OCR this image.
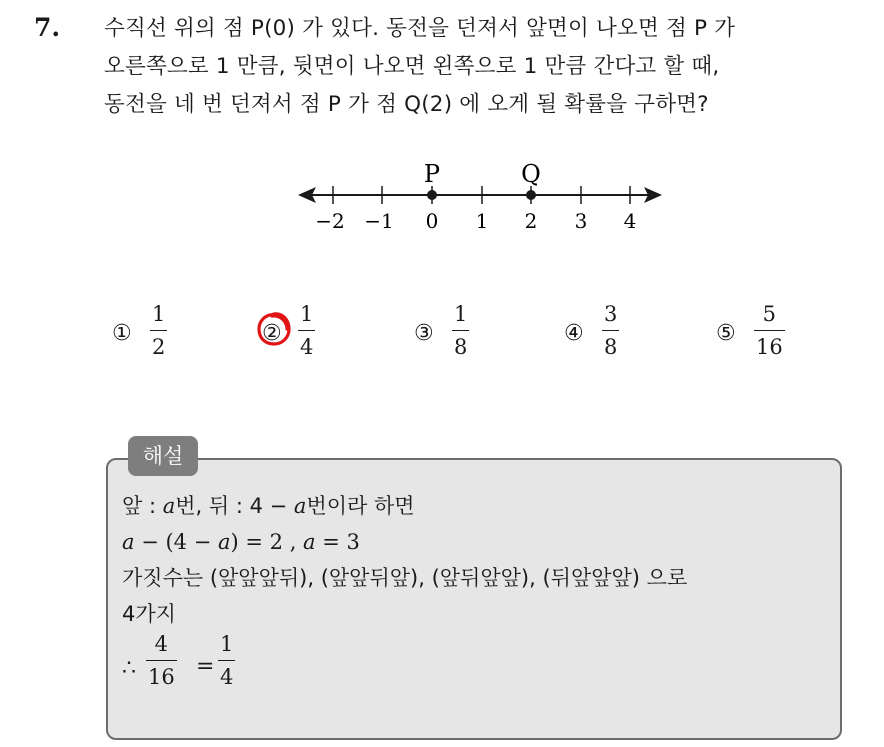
7. 수직선 위의 점 P(0) 가 있다. 동전을 던져서 앞면이 나오면 점 P 가
오른쪽으로 1 만큼, 뒷면이 나오면 왼쪽으로 1 만큼 간다고 할 때,
동전을 네 번 던져서 점 P 가 점 Q(2) 에 오게 될 확률을 구하면?
P	Q
−2 −1 0 1 2 3 4
①
1
2
②
1
4
③
1
8
④
3
8
⑤
5
16
해설
앞 : a번, 뒤 : 4 − a번이라 하면
a − (4 − a) = 2 , a = 3
가짓수는 (앞앞앞뒤), (앞앞뒤앞), (앞뒤앞앞), (뒤앞앞앞) 으로
4가지
∴
4
16 =
1
4
